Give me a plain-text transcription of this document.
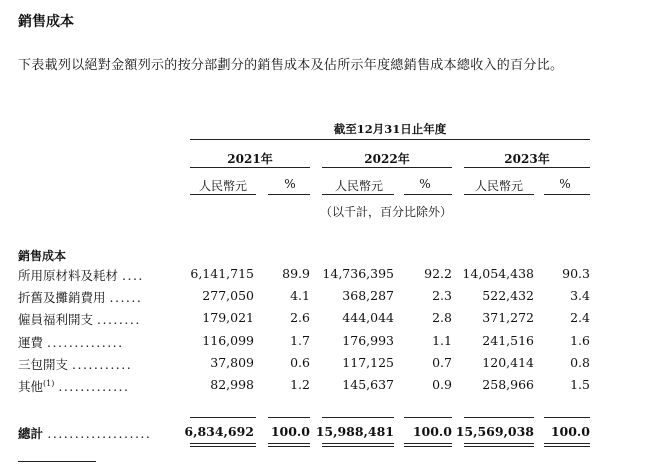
銷售成本
下表載列以絕對金額列示的按分部劃分的銷售成本及佔所示年度總銷售成本總收入的百分比。
截至12月31日止年度
2021年	2022年	2023年
人民幣元	%	人民幣元	%	人民幣元	%
（以千計，百分比除外）
銷售成本
所用原材料及耗材 ....	6,141,715 89.9 14,736,395 92.2 14,054,438 90.3
折舊及攤銷費用 ......	277,050	4.1	368,287	2.3 522,432	3.4
僱員福利開支 ........	179,021	2.6	444,044	2.8 371,272	2.4
運費 ..............	116,099	1.7	176,993	1.1 241,516	1.6
三包開支 ...........	37,809	0.6	117,125	0.7 120,414	0.8
其他$^{(1)}$ .............	82,998	1.2	145,637	0.9 258,966	1.5
總計 ...................	6,834,692 100.0 15,988,481 100.0 15,569,038 100.0
